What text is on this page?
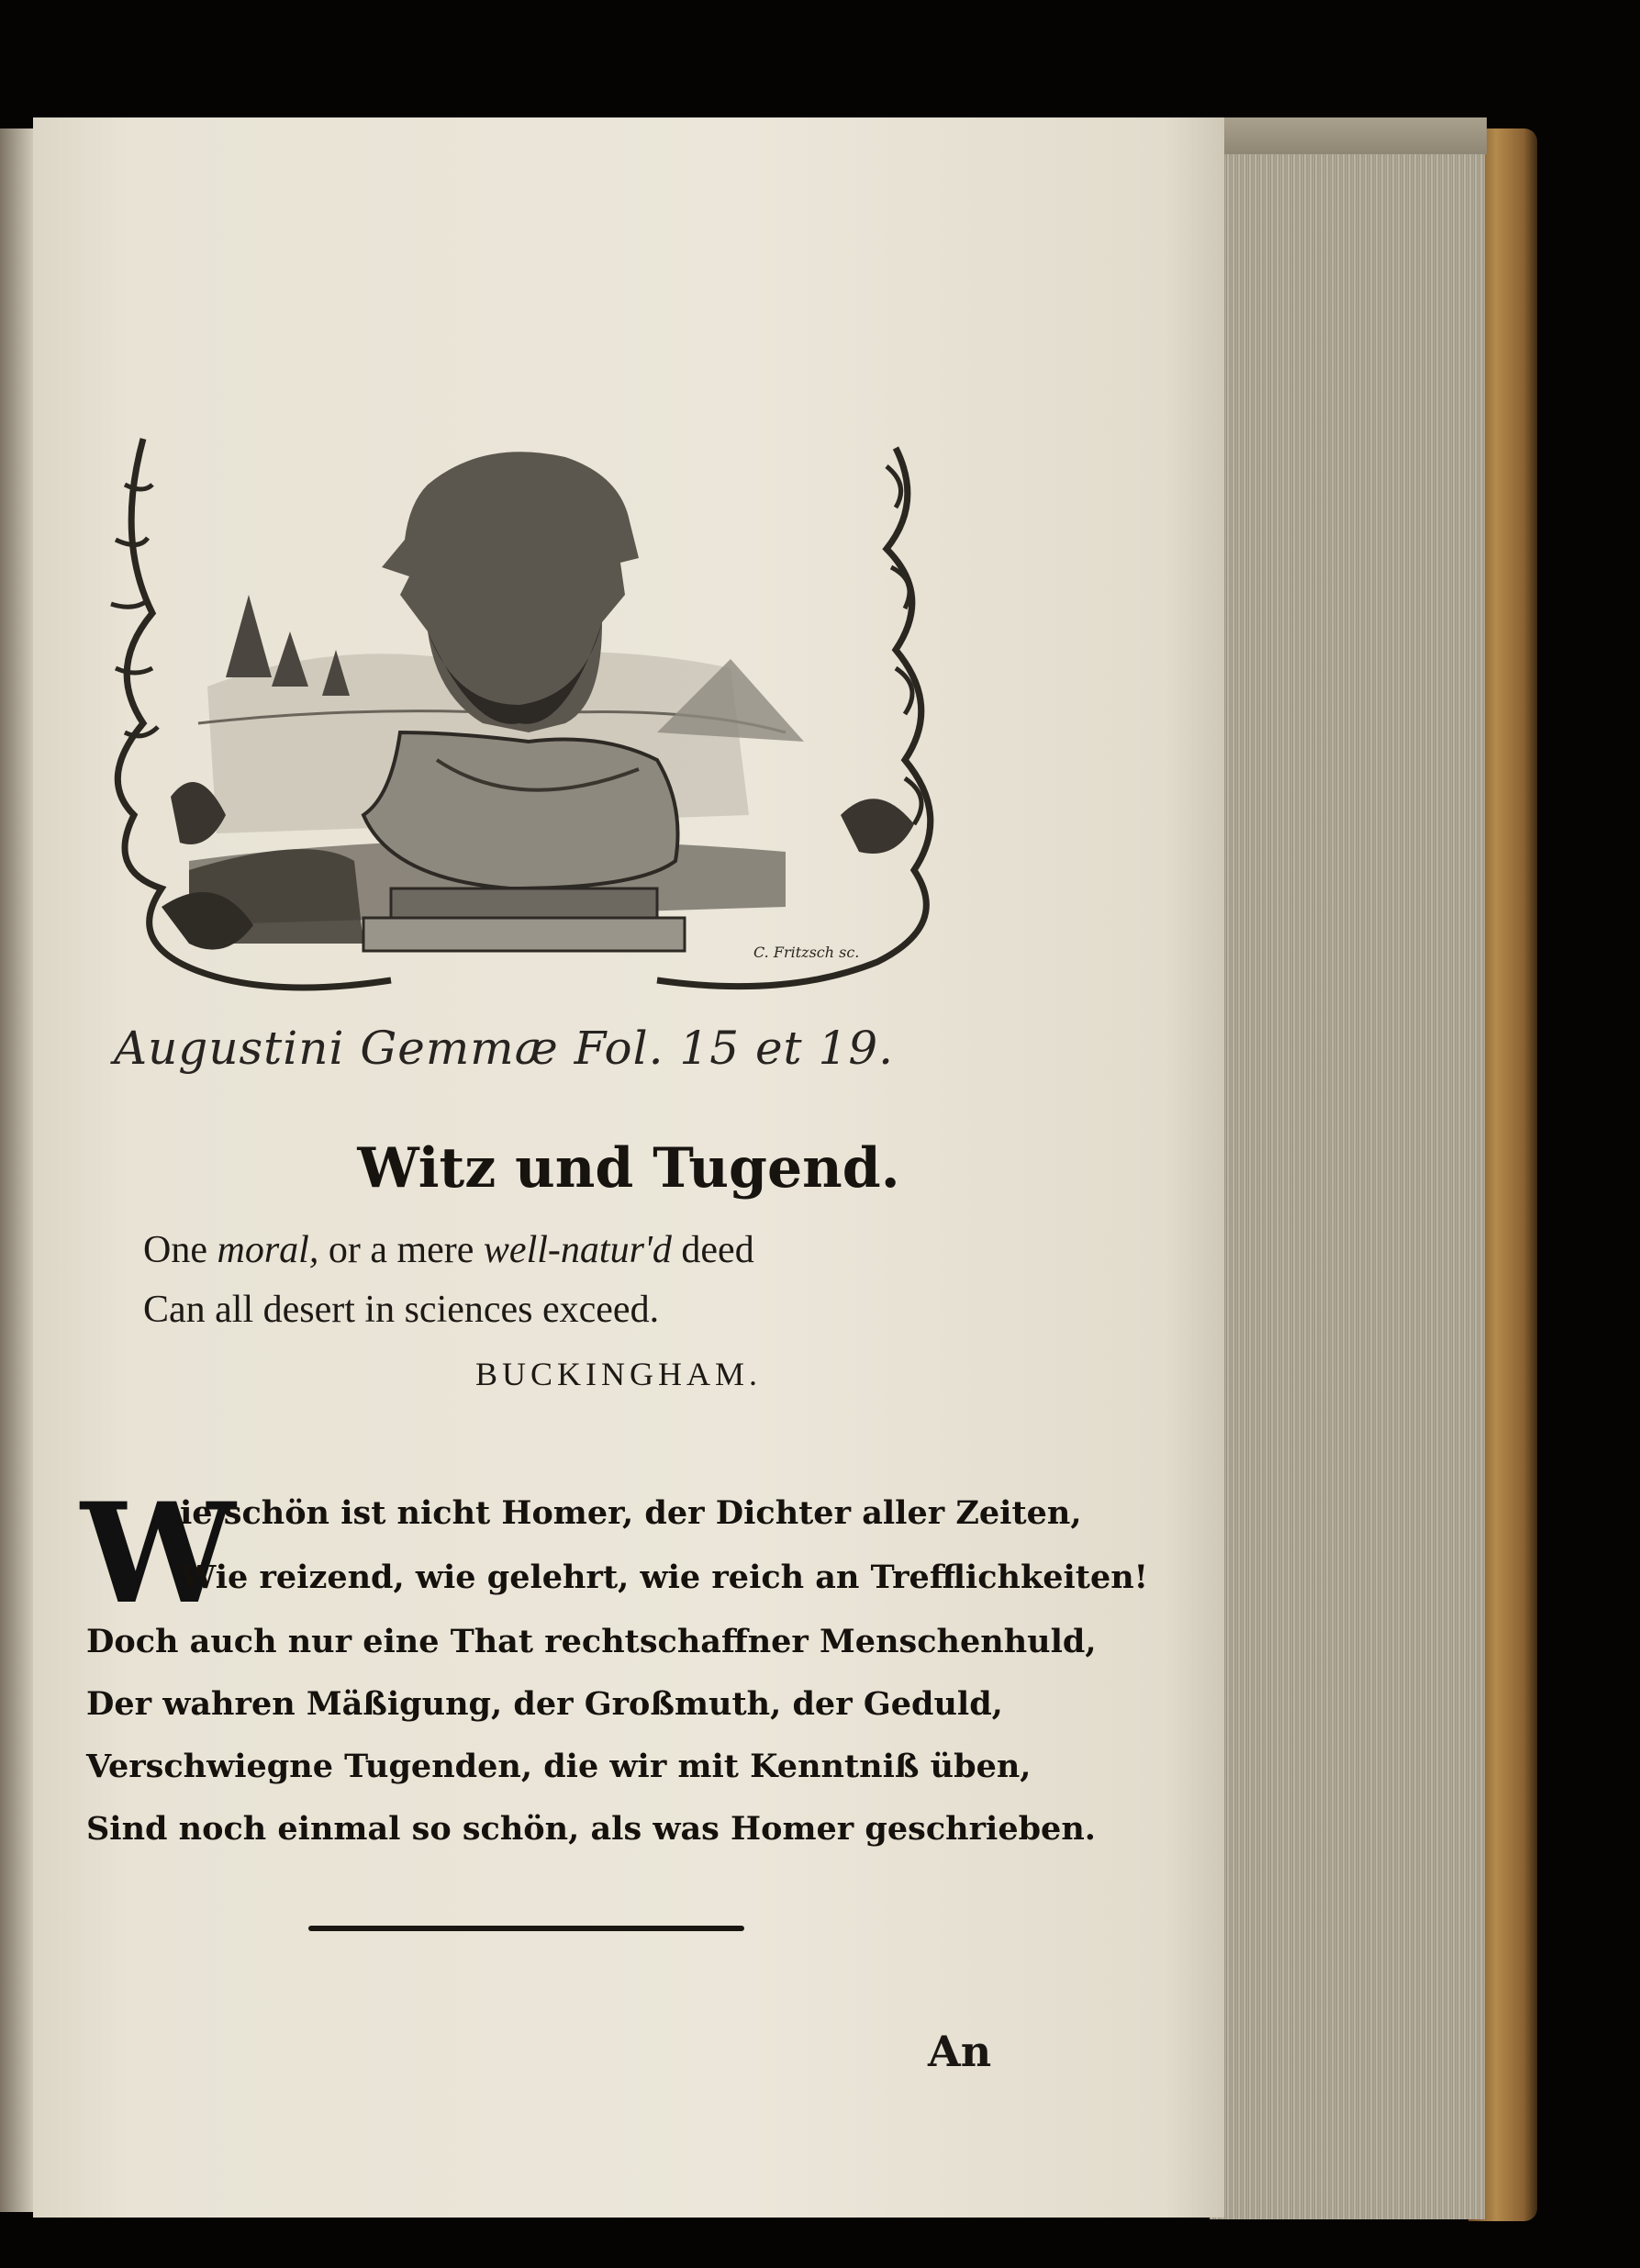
C. Fritzsch sc.
Augustini Gemmæ Fol. 15 et 19.
Witz und Tugend.
One moral, or a mere well-natur'd deed
Can all desert in sciences exceed.
BUCKINGHAM.
W
ie schön ist nicht Homer, der Dichter aller Zeiten,
Wie reizend, wie gelehrt, wie reich an Trefflichkeiten!
Doch auch nur eine That rechtschaffner Menschenhuld,
Der wahren Mäßigung, der Großmuth, der Geduld,
Verschwiegne Tugenden, die wir mit Kenntniß üben,
Sind noch einmal so schön, als was Homer geschrieben.
An
